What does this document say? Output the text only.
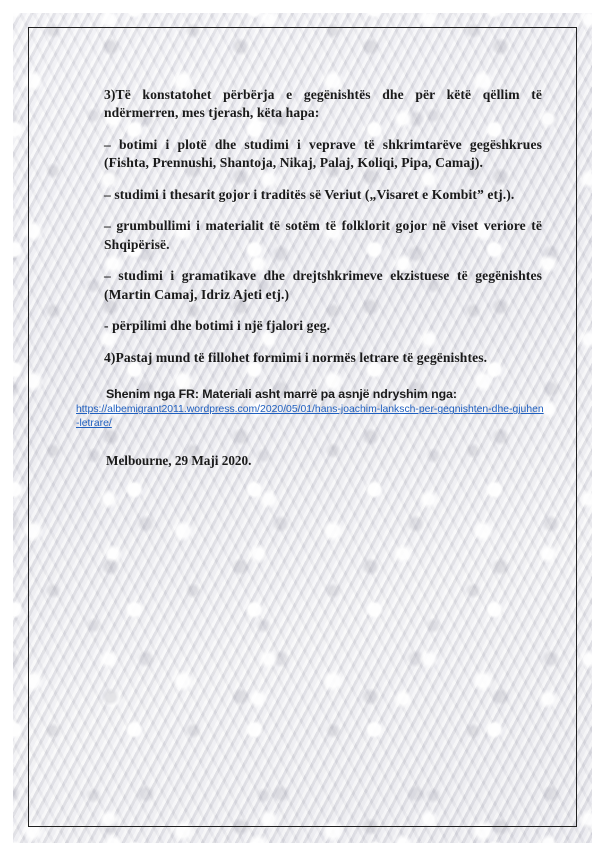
3)Të konstatohet përbërja e gegënishtës dhe për këtë qëllim të ndërmerren, mes tjerash, këta hapa:

– botimi i plotë dhe studimi i veprave të shkrimtarëve gegëshkrues (Fishta, Prennushi, Shantoja, Nikaj, Palaj, Koliqi, Pipa, Camaj).

– studimi i thesarit gojor i traditës së Veriut („Visaret e Kombit” etj.).

– grumbullimi i materialit të sotëm të folklorit gojor në viset veriore të Shqipërisë.

– studimi i gramatikave dhe drejtshkrimeve ekzistuese të gegënishtes (Martin Camaj, Idriz Ajeti etj.)

- përpilimi dhe botimi i një fjalori geg.

4)Pastaj mund të fillohet formimi i normës letrare të gegënishtes.

Shenim nga FR: Materiali asht marrë pa asnjë ndryshim nga:

https://albemigrant2011.wordpress.com/2020/05/01/hans-joachim-lanksch-per-gegnishten-dhe-gjuhen-letrare/

Melbourne, 29 Maji 2020.
